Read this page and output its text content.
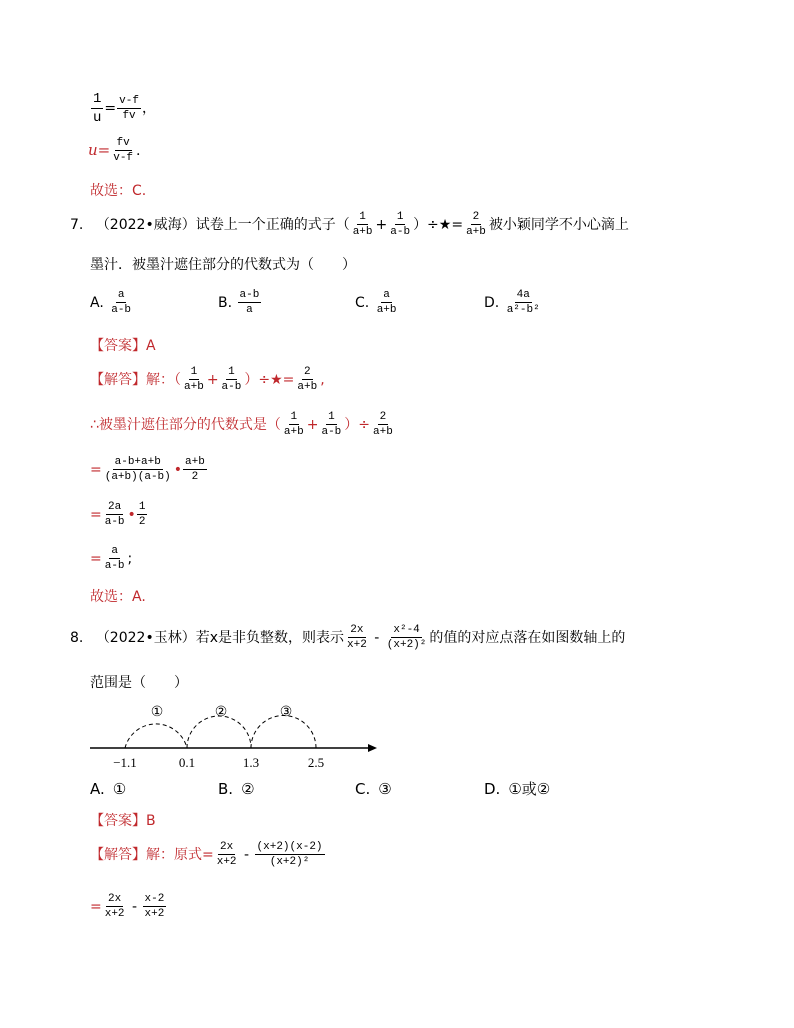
$\frac{1}{u} = \frac{v-f}{fv}$ ，
$u= \frac{fv}{v-f}$ .
故选：C.
7. （2022•威海）试卷上一个正确的式子（ $\frac{1}{a+b} + \frac{1}{a-b}$ ）÷★= $\frac{2}{a+b}$ 被小颖同学不小心滴上
墨汁．被墨汁遮住部分的代数式为（　　）
A. $\frac{a}{a-b}$	B. $\frac{a-b}{a}$	C. $\frac{a}{a+b}$	D. $\frac{4a}{\text{a²-b²}}$
【答案】A
【解答】解：（ $\frac{1}{a+b} + \frac{1}{a-b}$ ）÷★= $\frac{2}{a+b}$ ,
∴被墨汁遮住部分的代数式是（ $\frac{1}{a+b} + \frac{1}{a-b}$ ）÷ $\frac{2}{a+b}$
= $\frac{a-b+a+b}{(a+b)(a-b)}$ • $\frac{a+b}{2}$
= $\frac{2a}{a-b}$ • $\frac{1}{2}$
= $\frac{a}{a-b}$ ;
故选：A.
8. （2022•玉林）若x是非负整数，则表示 $\frac{2x}{x+2} - \frac{\text{x²-4}}{\text{(x+2)²}}$ 的值的对应点落在如图数轴上的
范围是（　　）
①	②	③
−1.1	0.1	1.3	2.5
A. ①	B. ②	C. ③	D. ①或②
【答案】B
【解答】解：原式= $\frac{2x}{x+2} - \frac{(x+2)(x-2)}{\text{(x+2)²}}$
= $\frac{2x}{x+2} - \frac{x-2}{x+2}$
